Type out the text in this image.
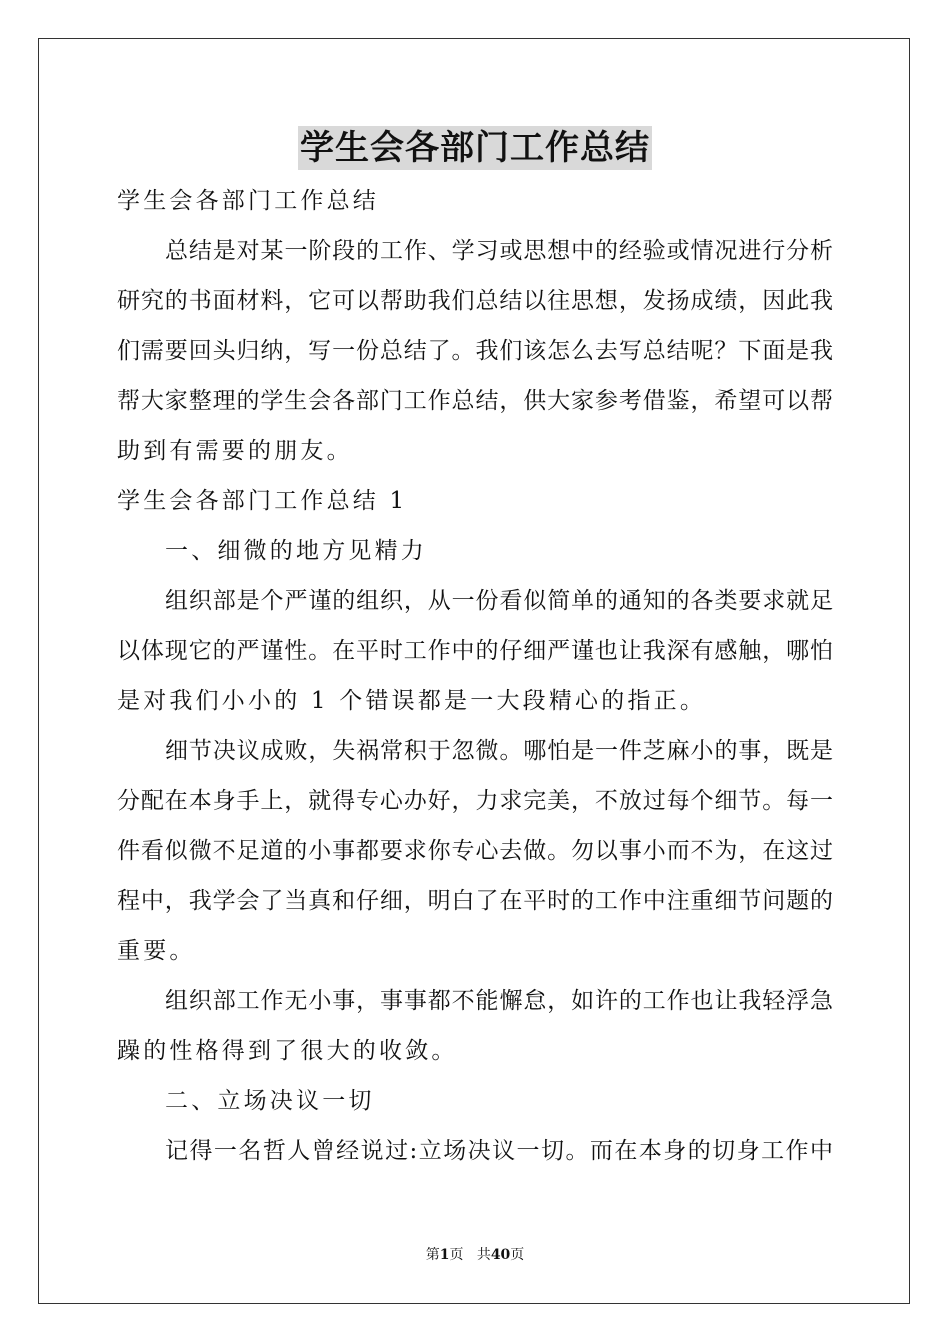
学生会各部门工作总结
学生会各部门工作总结
总结是对某一阶段的工作、学习或思想中的经验或情况进行分析
研究的书面材料，它可以帮助我们总结以往思想，发扬成绩，因此我
们需要回头归纳，写一份总结了。我们该怎么去写总结呢？下面是我
帮大家整理的学生会各部门工作总结，供大家参考借鉴，希望可以帮
助到有需要的朋友。
学生会各部门工作总结 1
一、细微的地方见精力
组织部是个严谨的组织，从一份看似简单的通知的各类要求就足
以体现它的严谨性。在平时工作中的仔细严谨也让我深有感触，哪怕
是对我们小小的 1 个错误都是一大段精心的指正。
细节决议成败，失祸常积于忽微。哪怕是一件芝麻小的事，既是
分配在本身手上，就得专心办好，力求完美，不放过每个细节。每一
件看似微不足道的小事都要求你专心去做。勿以事小而不为，在这过
程中，我学会了当真和仔细，明白了在平时的工作中注重细节问题的
重要。
组织部工作无小事，事事都不能懈怠，如许的工作也让我轻浮急
躁的性格得到了很大的收敛。
二、立场决议一切
记得一名哲人曾经说过:立场决议一切。而在本身的切身工作中
第1页 共40页
